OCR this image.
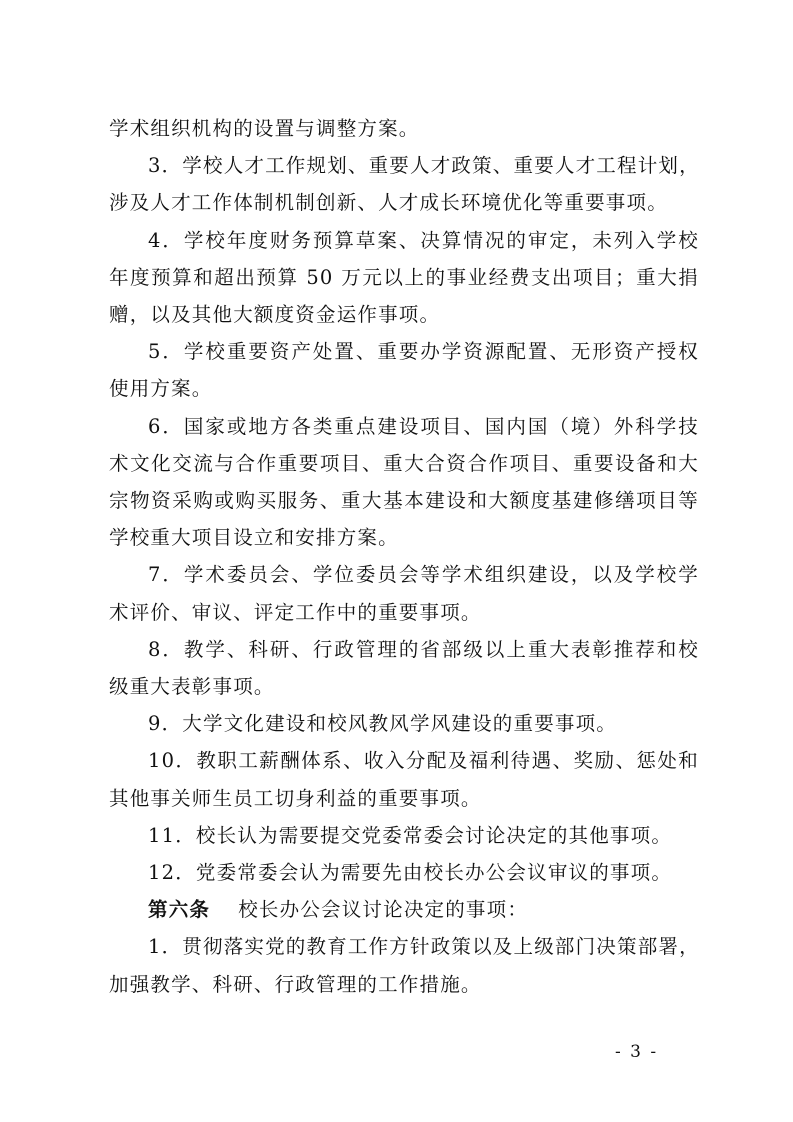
学术组织机构的设置与调整方案。
3．学校人才工作规划、重要人才政策、重要人才工程计划，
涉及人才工作体制机制创新、人才成长环境优化等重要事项。
4．学校年度财务预算草案、决算情况的审定，未列入学校
年度预算和超出预算 50 万元以上的事业经费支出项目；重大捐
赠，以及其他大额度资金运作事项。
5．学校重要资产处置、重要办学资源配置、无形资产授权
使用方案。
6．国家或地方各类重点建设项目、国内国（境）外科学技
术文化交流与合作重要项目、重大合资合作项目、重要设备和大
宗物资采购或购买服务、重大基本建设和大额度基建修缮项目等
学校重大项目设立和安排方案。
7．学术委员会、学位委员会等学术组织建设，以及学校学
术评价、审议、评定工作中的重要事项。
8．教学、科研、行政管理的省部级以上重大表彰推荐和校
级重大表彰事项。
9．大学文化建设和校风教风学风建设的重要事项。
10．教职工薪酬体系、收入分配及福利待遇、奖励、惩处和
其他事关师生员工切身利益的重要事项。
11．校长认为需要提交党委常委会讨论决定的其他事项。
12．党委常委会认为需要先由校长办公会议审议的事项。
第六条　 校长办公会议讨论决定的事项：
1．贯彻落实党的教育工作方针政策以及上级部门决策部署，
加强教学、科研、行政管理的工作措施。
- 3 -
